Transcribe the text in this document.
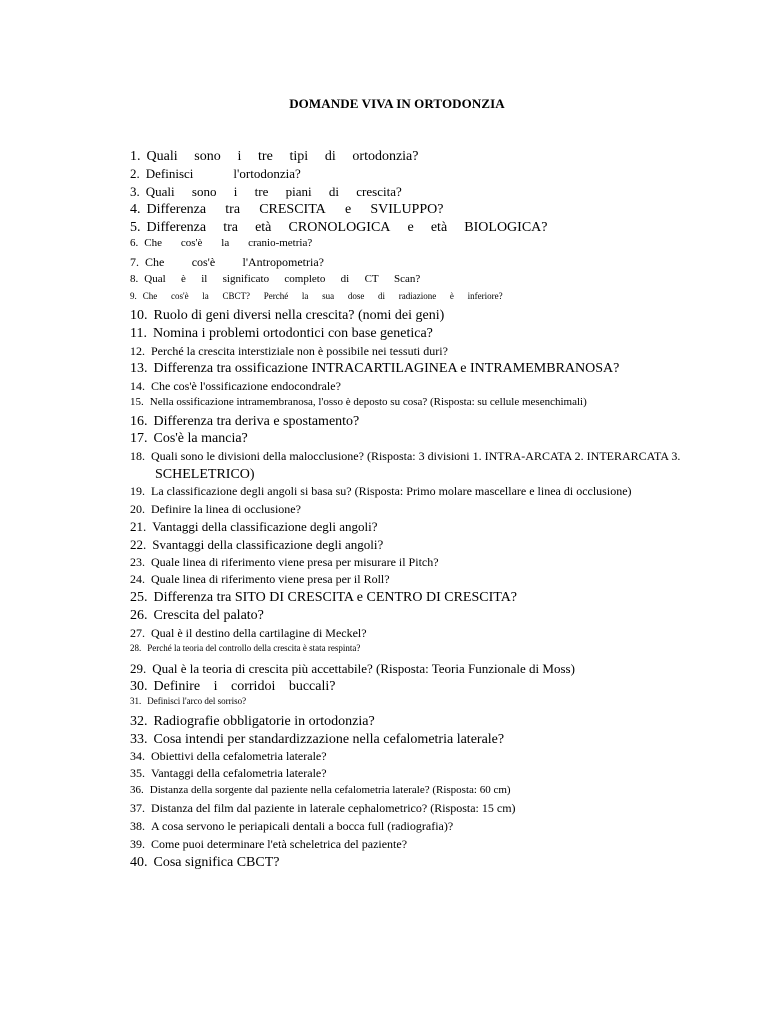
DOMANDE VIVA IN ORTODONZIA
1. Quali sono i tre tipi di ortodonzia?
2. Definisci	l'ortodonzia?
3. Quali sono i tre piani di crescita?
4. Differenza tra CRESCITA e SVILUPPO?
5. Differenza tra età CRONOLOGICA e età BIOLOGICA?
6. Che cos'è la cranio-metria?
7. Che cos'è l'Antropometria?
8. Qual è il significato completo di CT Scan?
9. Che cos'è la CBCT? Perché la sua dose di radiazione è inferiore?
10. Ruolo di geni diversi nella crescita? (nomi dei geni)
11. Nomina i problemi ortodontici con base genetica?
12. Perché la crescita interstiziale non è possibile nei tessuti duri?
13. Differenza tra ossificazione INTRACARTILAGINEA e INTRAMEMBRANOSA?
14. Che cos'è l'ossificazione endocondrale?
15. Nella ossificazione intramembranosa, l'osso è deposto su cosa? (Risposta: su cellule mesenchimali)
16. Differenza tra deriva e spostamento?
17. Cos'è la mancia?
18. Quali sono le divisioni della malocclusione? (Risposta: 3 divisioni 1. INTRA-ARCATA 2. INTERARCATA 3.
SCHELETRICO)
19. La classificazione degli angoli si basa su? (Risposta: Primo molare mascellare e linea di occlusione)
20. Definire la linea di occlusione?
21. Vantaggi della classificazione degli angoli?
22. Svantaggi della classificazione degli angoli?
23. Quale linea di riferimento viene presa per misurare il Pitch?
24. Quale linea di riferimento viene presa per il Roll?
25. Differenza tra SITO DI CRESCITA e CENTRO DI CRESCITA?
26. Crescita del palato?
27. Qual è il destino della cartilagine di Meckel?
28. Perché la teoria del controllo della crescita è stata respinta?
29. Qual è la teoria di crescita più accettabile? (Risposta: Teoria Funzionale di Moss)
30. Definire i corridoi buccali?
31. Definisci l'arco del sorriso?
32. Radiografie obbligatorie in ortodonzia?
33. Cosa intendi per standardizzazione nella cefalometria laterale?
34. Obiettivi della cefalometria laterale?
35. Vantaggi della cefalometria laterale?
36. Distanza della sorgente dal paziente nella cefalometria laterale? (Risposta: 60 cm)
37. Distanza del film dal paziente in laterale cephalometrico? (Risposta: 15 cm)
38. A cosa servono le periapicali dentali a bocca full (radiografia)?
39. Come puoi determinare l'età scheletrica del paziente?
40. Cosa significa CBCT?
